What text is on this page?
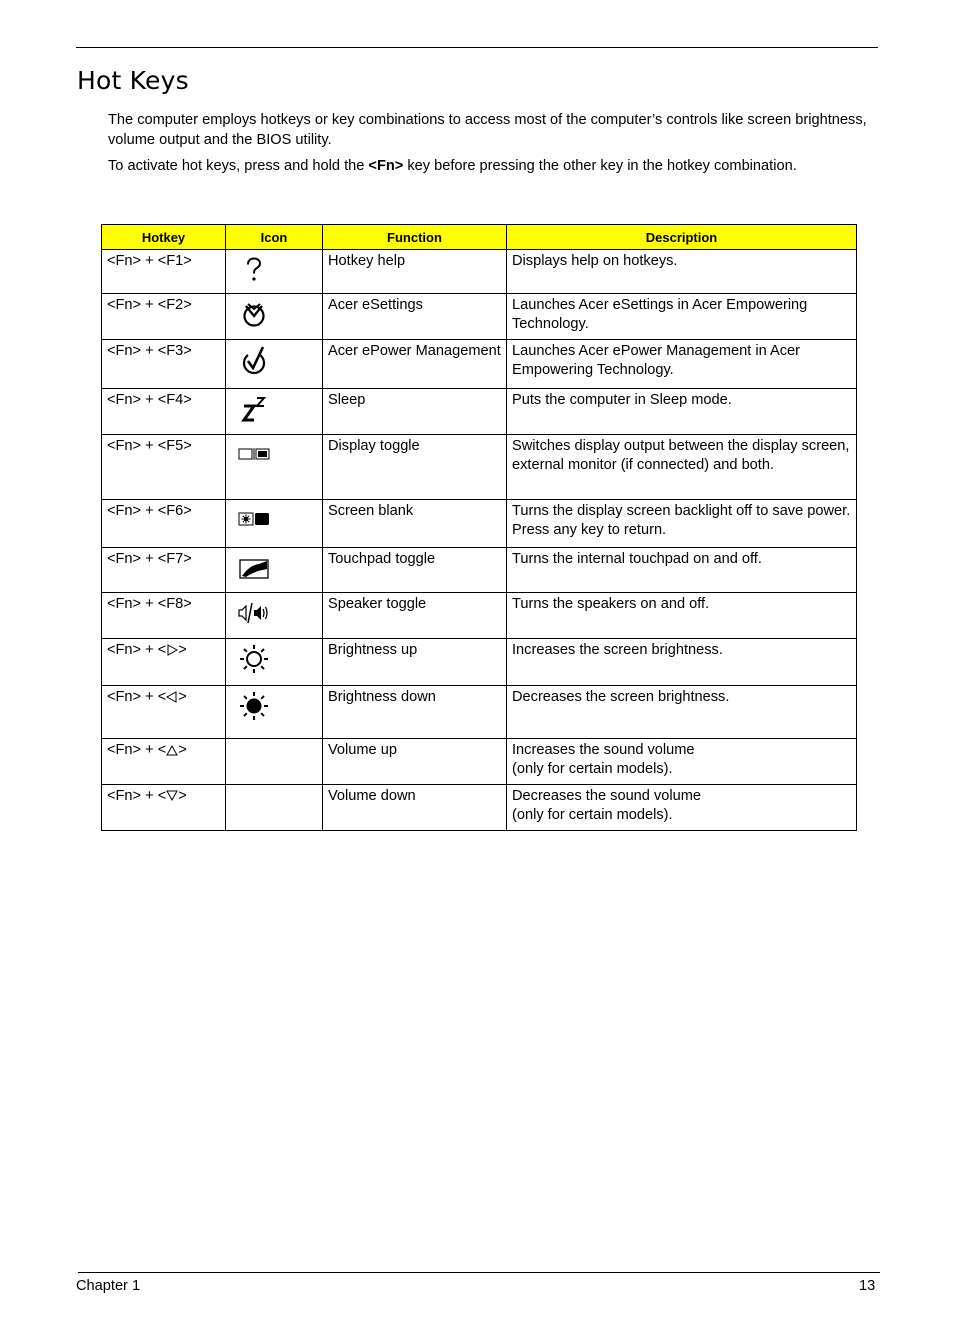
Hot Keys

The computer employs hotkeys or key combinations to access most of the computer’s controls like screen brightness, volume output and the BIOS utility.

To activate hot keys, press and hold the <Fn> key before pressing the other key in the hotkey combination.

Hotkey	Icon	Function	Description
<Fn> + <F1>		Hotkey help	Displays help on hotkeys.
<Fn> + <F2>		Acer eSettings	Launches Acer eSettings in Acer Empowering Technology.
<Fn> + <F3>		Acer ePower Management	Launches Acer ePower Management in Acer Empowering Technology.
<Fn> + <F4>		Sleep	Puts the computer in Sleep mode.
<Fn> + <F5>		Display toggle	Switches display output between the display screen, external monitor (if connected) and both.
<Fn> + <F6>		Screen blank	Turns the display screen backlight off to save power. Press any key to return.
<Fn> + <F7>		Touchpad toggle	Turns the internal touchpad on and off.
<Fn> + <F8>		Speaker toggle	Turns the speakers on and off.
<Fn> + < >		Brightness up	Increases the screen brightness.
<Fn> + < >		Brightness down	Decreases the screen brightness.
<Fn> + < >		Volume up	Increases the sound volume
(only for certain models).
<Fn> + < >		Volume down	Decreases the sound volume
(only for certain models).
Chapter 1	13
